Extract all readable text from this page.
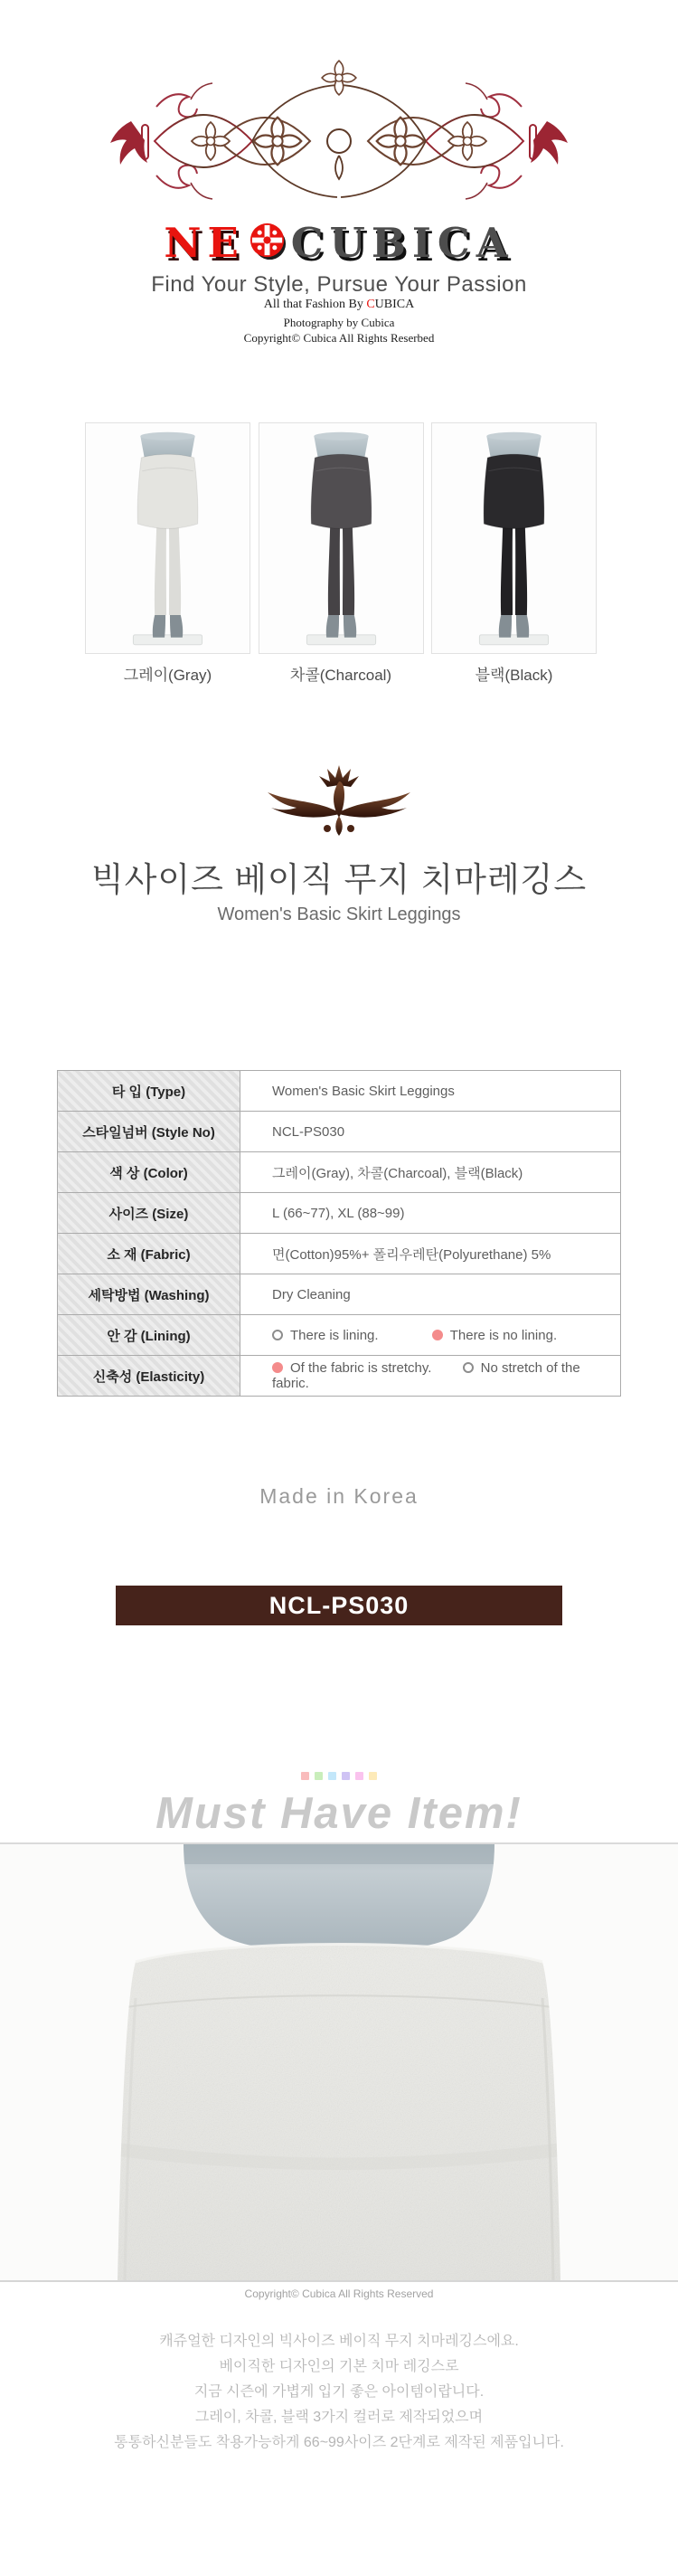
NE CUBICA
Find Your Style, Pursue Your Passion
All that Fashion By CUBICA
Photography by Cubica
Copyright© Cubica All Rights Reserbed
그레이(Gray)	차콜(Charcoal)	블랙(Black)
빅사이즈 베이직 무지 치마레깅스
Women's Basic Skirt Leggings
타 입 (Type)	Women's Basic Skirt Leggings
스타일넘버 (Style No)	NCL-PS030
색 상 (Color)	그레이(Gray), 차콜(Charcoal), 블랙(Black)
사이즈 (Size)	L (66~77), XL (88~99)
소 재 (Fabric)	면(Cotton)95%+ 폴리우레탄(Polyurethane) 5%
세탁방법 (Washing)	Dry Cleaning
안 감 (Lining)	There is lining. There is no lining.
신축성 (Elasticity)	Of the fabric is stretchy. No stretch of the fabric.
Made in Korea
NCL-PS030
Must Have Item!
Copyright© Cubica All Rights Reserved

캐쥬얼한 디자인의 빅사이즈 베이직 무지 치마레깅스에요.

베이직한 디자인의 기본 치마 레깅스로

지금 시즌에 가볍게 입기 좋은 아이템이랍니다.

그레이, 차콜, 블랙 3가지 컬러로 제작되었으며

통통하신분들도 착용가능하게 66~99사이즈 2단계로 제작된 제품입니다.
